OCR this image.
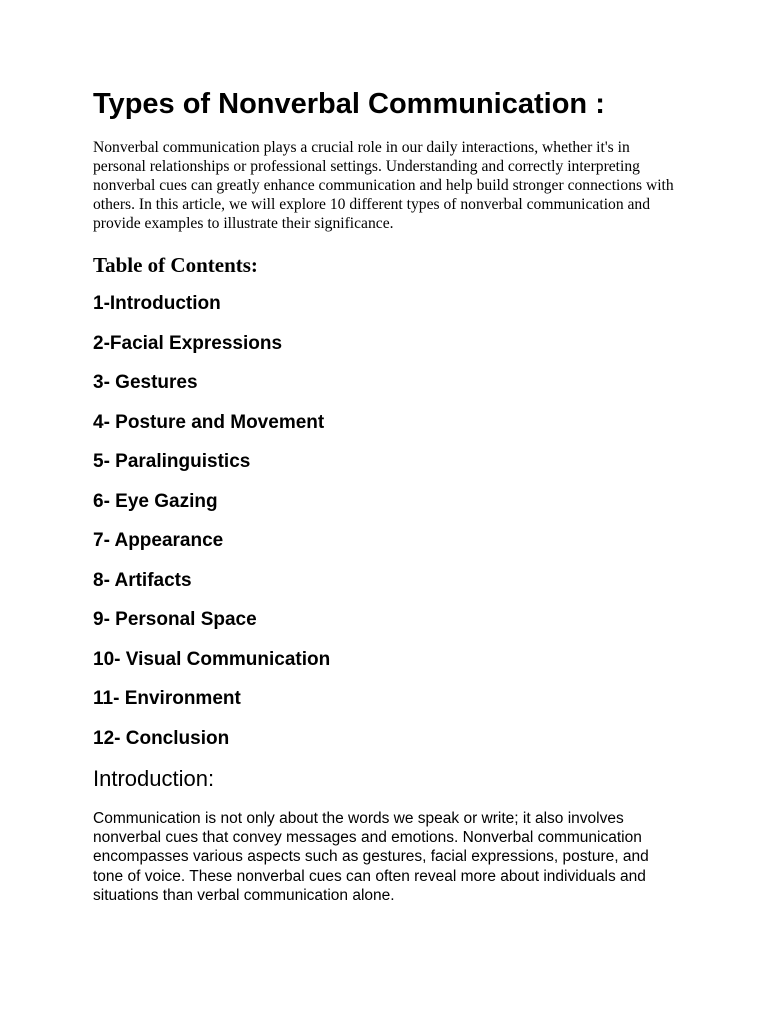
Types of Nonverbal Communication :

Nonverbal communication plays a crucial role in our daily interactions, whether it's in personal relationships or professional settings. Understanding and correctly interpreting nonverbal cues can greatly enhance communication and help build stronger connections with others. In this article, we will explore 10 different types of nonverbal communication and provide examples to illustrate their significance.

Table of Contents:
1-Introduction
2-Facial Expressions
3- Gestures
4- Posture and Movement
5- Paralinguistics
6- Eye Gazing
7- Appearance
8- Artifacts
9- Personal Space
10- Visual Communication
11- Environment
12- Conclusion
Introduction:

Communication is not only about the words we speak or write; it also involves nonverbal cues that convey messages and emotions. Nonverbal communication encompasses various aspects such as gestures, facial expressions, posture, and tone of voice. These nonverbal cues can often reveal more about individuals and situations than verbal communication alone.
